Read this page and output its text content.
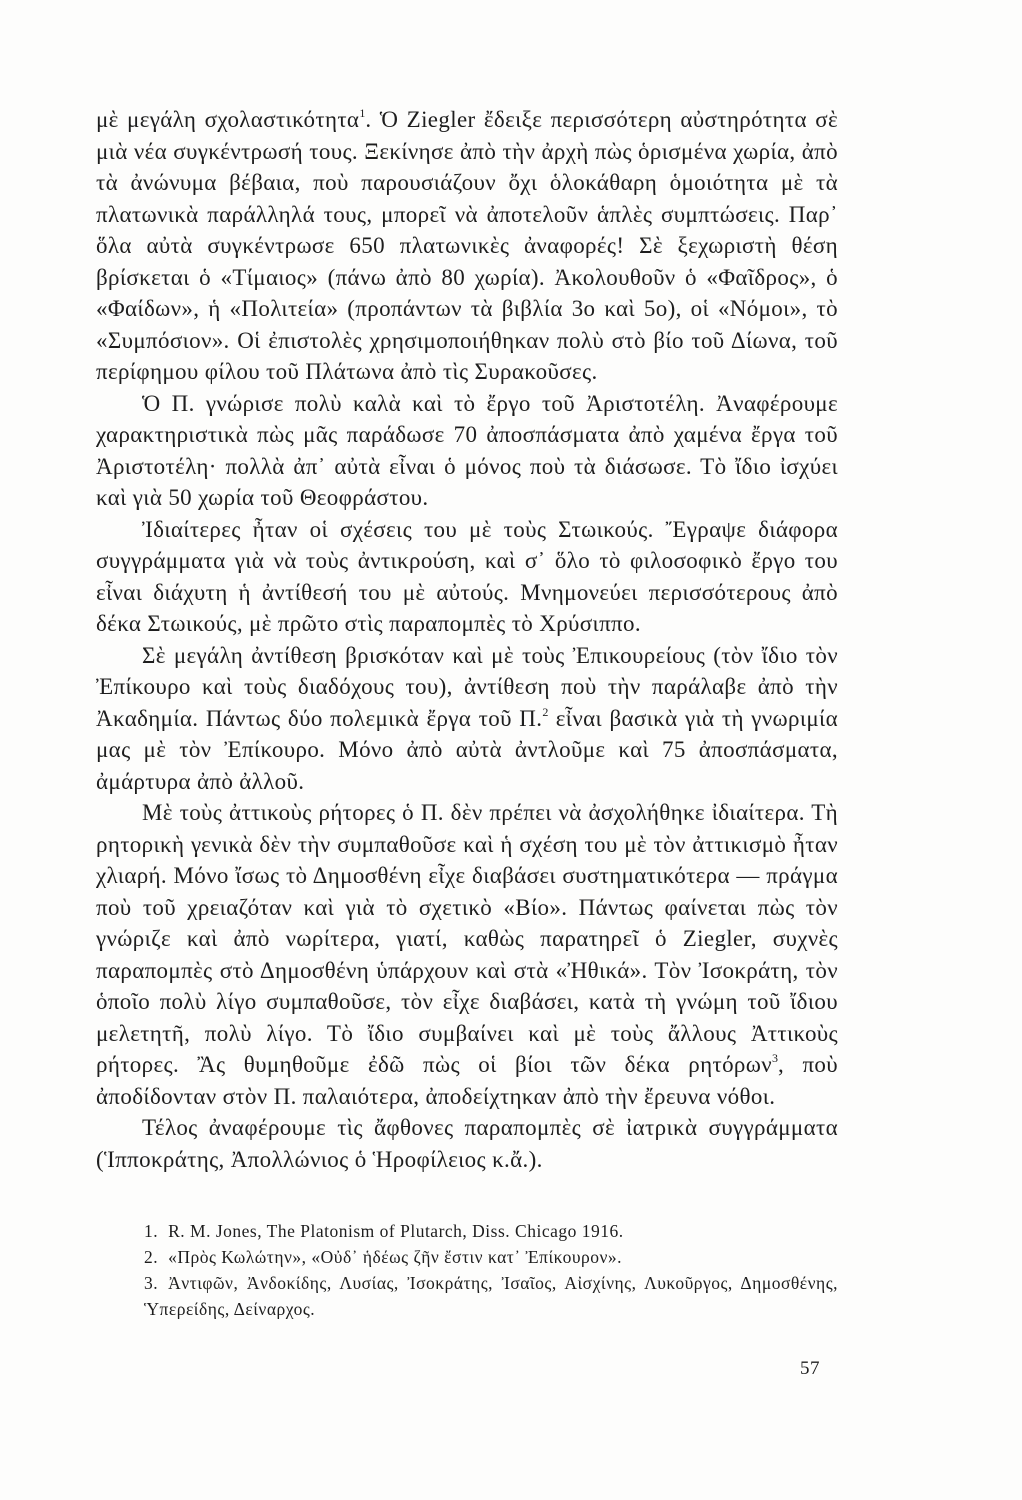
μὲ μεγάλη σχολαστικότητα$^1$. Ὁ Ziegler ἔδειξε περισσότερη αὐστηρότητα σὲ μιὰ νέα συγκέντρωσή τους. Ξεκίνησε ἀπὸ τὴν ἀρχὴ πὼς ὁρισμένα χωρία, ἀπὸ τὰ ἀνώνυμα βέβαια, ποὺ παρουσιάζουν ὄχι ὁλοκάθαρη ὁμοιότητα μὲ τὰ πλατωνικὰ παράλληλά τους, μπορεῖ νὰ ἀποτελοῦν ἁπλὲς συμπτώσεις. Παρ᾽ ὅλα αὐτὰ συγκέντρωσε 650 πλατωνικὲς ἀναφορές! Σὲ ξεχωριστὴ θέση βρίσκεται ὁ «Τίμαιος» (πάνω ἀπὸ 80 χωρία). Ἀκολουθοῦν ὁ «Φαῖδρος», ὁ «Φαίδων», ἡ «Πολιτεία» (προπάντων τὰ βιβλία 3ο καὶ 5ο), οἱ «Νόμοι», τὸ «Συμπόσιον». Οἱ ἐπιστολὲς χρησιμοποιήθηκαν πολὺ στὸ βίο τοῦ Δίωνα, τοῦ περίφημου φίλου τοῦ Πλάτωνα ἀπὸ τὶς Συρακοῦσες.

Ὁ Π. γνώρισε πολὺ καλὰ καὶ τὸ ἔργο τοῦ Ἀριστοτέλη. Ἀναφέρουμε χαρακτηριστικὰ πὼς μᾶς παράδωσε 70 ἀποσπάσματα ἀπὸ χαμένα ἔργα τοῦ Ἀριστοτέλη· πολλὰ ἀπ᾽ αὐτὰ εἶναι ὁ μόνος ποὺ τὰ διάσωσε. Τὸ ἴδιο ἰσχύει καὶ γιὰ 50 χωρία τοῦ Θεοφράστου.

Ἰδιαίτερες ἦταν οἱ σχέσεις του μὲ τοὺς Στωικούς. Ἔγραψε διάφορα συγγράμματα γιὰ νὰ τοὺς ἀντικρούση, καὶ σ᾽ ὅλο τὸ φιλοσοφικὸ ἔργο του εἶναι διάχυτη ἡ ἀντίθεσή του μὲ αὐτούς. Μνημονεύει περισσότερους ἀπὸ δέκα Στωικούς, μὲ πρῶτο στὶς παραπομπὲς τὸ Χρύσιππο.

Σὲ μεγάλη ἀντίθεση βρισκόταν καὶ μὲ τοὺς Ἐπικουρείους (τὸν ἴδιο τὸν Ἐπίκουρο καὶ τοὺς διαδόχους του), ἀντίθεση ποὺ τὴν παράλαβε ἀπὸ τὴν Ἀκαδημία. Πάντως δύο πολεμικὰ ἔργα τοῦ Π.$^2$ εἶναι βασικὰ γιὰ τὴ γνωριμία μας μὲ τὸν Ἐπίκουρο. Μόνο ἀπὸ αὐτὰ ἀντλοῦμε καὶ 75 ἀποσπάσματα, ἀμάρτυρα ἀπὸ ἀλλοῦ.

Μὲ τοὺς ἀττικοὺς ρήτορες ὁ Π. δὲν πρέπει νὰ ἀσχολήθηκε ἰδιαίτερα. Τὴ ρητορικὴ γενικὰ δὲν τὴν συμπαθοῦσε καὶ ἡ σχέση του μὲ τὸν ἀττικισμὸ ἦταν χλιαρή. Μόνο ἴσως τὸ Δημοσθένη εἶχε διαβάσει συστηματικότερα — πράγμα ποὺ τοῦ χρειαζόταν καὶ γιὰ τὸ σχετικὸ «Βίο». Πάντως φαίνεται πὼς τὸν γνώριζε καὶ ἀπὸ νωρίτερα, γιατί, καθὼς παρατηρεῖ ὁ Ziegler, συχνὲς παραπομπὲς στὸ Δημοσθένη ὑπάρχουν καὶ στὰ «Ἠθικά». Τὸν Ἰσοκράτη, τὸν ὁποῖο πολὺ λίγο συμπαθοῦσε, τὸν εἶχε διαβάσει, κατὰ τὴ γνώμη τοῦ ἴδιου μελετητῆ, πολὺ λίγο. Τὸ ἴδιο συμβαίνει καὶ μὲ τοὺς ἄλλους Ἀττικοὺς ρήτορες. Ἂς θυμηθοῦμε ἐδῶ πὼς οἱ βίοι τῶν δέκα ρητόρων$^3$, ποὺ ἀποδίδονταν στὸν Π. παλαιότερα, ἀποδείχτηκαν ἀπὸ τὴν ἔρευνα νόθοι.

Τέλος ἀναφέρουμε τὶς ἄφθονες παραπομπὲς σὲ ἰατρικὰ συγγράμματα (Ἱπποκράτης, Ἀπολλώνιος ὁ Ἡροφίλειος κ.ἄ.).

1. R. M. Jones, The Platonism of Plutarch, Diss. Chicago 1916.

2. «Πρὸς Κωλώτην», «Οὐδ᾽ ἡδέως ζῆν ἔστιν κατ᾽ Ἐπίκουρον».

3. Ἀντιφῶν, Ἀνδοκίδης, Λυσίας, Ἰσοκράτης, Ἰσαῖος, Αἰσχίνης, Λυκοῦργος, Δημοσθένης, Ὑπερείδης, Δείναρχος.

57
